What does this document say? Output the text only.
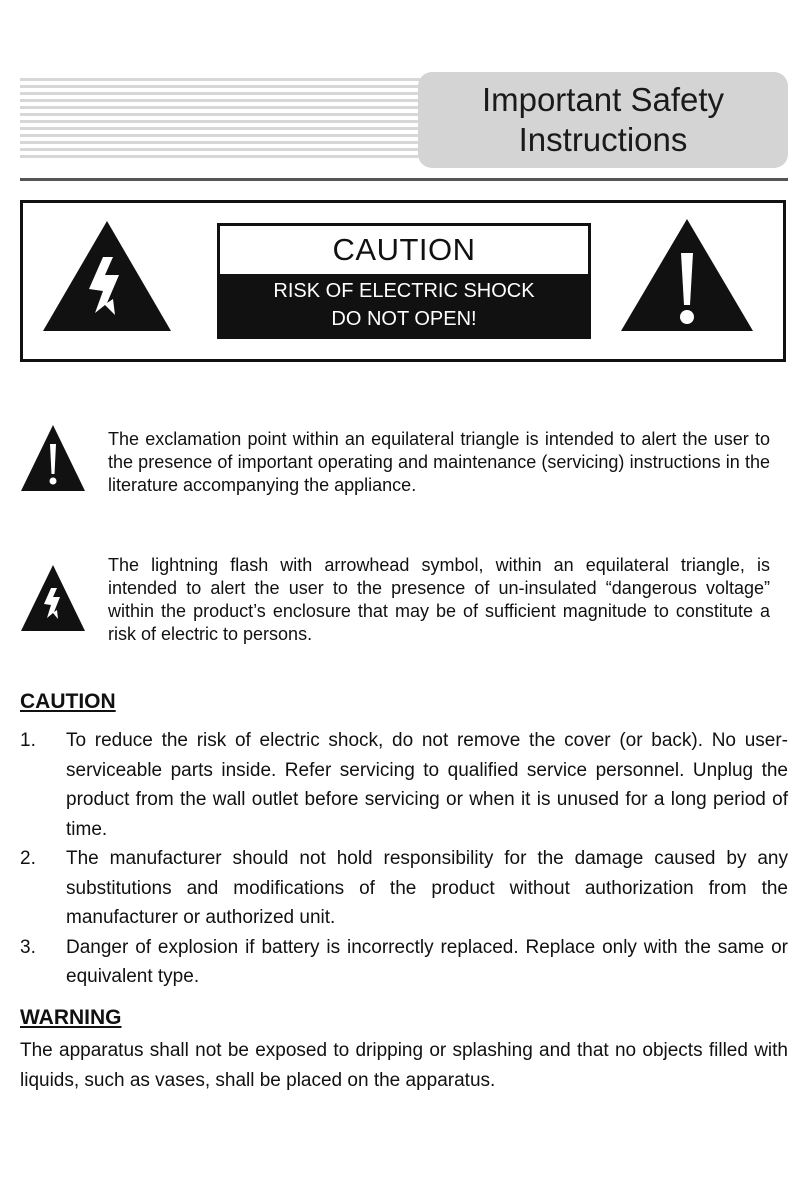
Important Safety
Instructions
CAUTION
RISK OF ELECTRIC SHOCK
DO NOT OPEN!
The exclamation point within an equilateral triangle is intended to alert the user to the presence of important operating and maintenance (servicing) instructions in the literature accompanying the appliance.
The lightning flash with arrowhead symbol, within an equilateral triangle, is intended to alert the user to the presence of un-insulated “dangerous voltage” within the product’s enclosure that may be of sufficient magnitude to constitute a risk of electric to persons.
CAUTION
1. To reduce the risk of electric shock, do not remove the cover (or back). No user-serviceable parts inside. Refer servicing to qualified service personnel. Unplug the product from the wall outlet before servicing or when it is unused for a long period of time.
2. The manufacturer should not hold responsibility for the damage caused by any substitutions and modifications of the product without authorization from the manufacturer or authorized unit.
3. Danger of explosion if battery is incorrectly replaced. Replace only with the same or equivalent type.
WARNING
The apparatus shall not be exposed to dripping or splashing and that no objects filled with liquids, such as vases, shall be placed on the apparatus.
